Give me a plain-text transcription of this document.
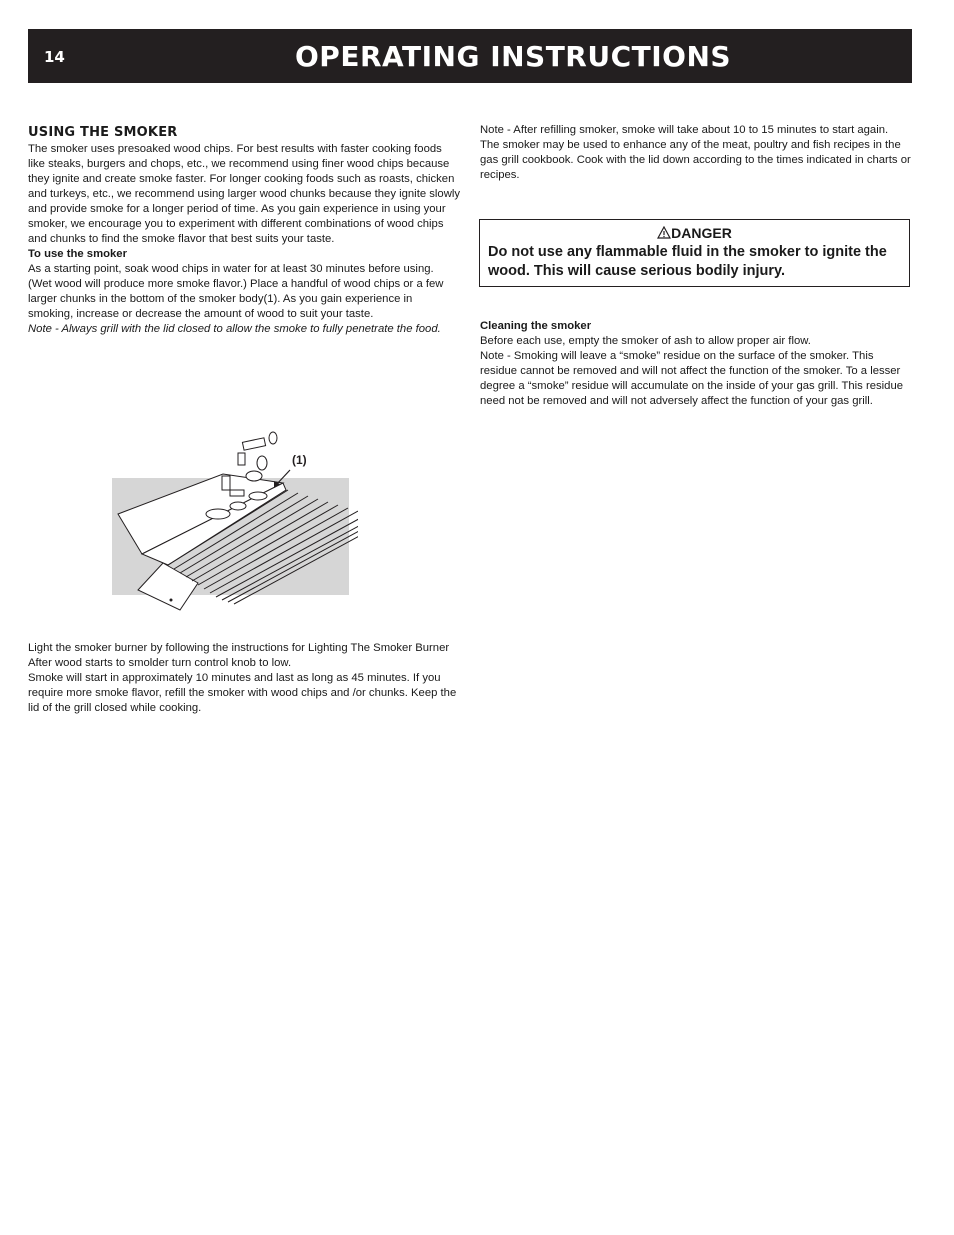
14	OPERATING INSTRUCTIONS
USING THE SMOKER

The smoker uses presoaked wood chips. For best results with faster cooking foods like steaks, burgers and chops, etc., we recommend using finer wood chips because they ignite and create smoke faster. For longer cooking foods such as roasts, chicken and turkeys, etc., we recommend using larger wood chunks because they ignite slowly and provide smoke for a longer period of time. As you gain experience in using your smoker, we encourage you to experiment with different combinations of wood chips and chunks to find the smoke flavor that best suits your taste.

To use the smoker

As a starting point, soak wood chips in water for at least 30 minutes before using. (Wet wood will produce more smoke flavor.) Place a handful of wood chips or a few larger chunks in the bottom of the smoker body(1). As you gain experience in smoking, increase or decrease the amount of wood to suit your taste.

Note - Always grill with the lid closed to allow the smoke to fully penetrate the food.

(1)

Light the smoker burner by following the instructions for Lighting The Smoker Burner After wood starts to smolder turn control knob to low.

Smoke will start in approximately 10 minutes and last as long as 45 minutes. If you require more smoke flavor, refill the smoker with wood chips and /or chunks. Keep the lid of the grill closed while cooking.

Note - After refilling smoker, smoke will take about 10 to 15 minutes to start again.

The smoker may be used to enhance any of the meat, poultry and fish recipes in the gas grill cookbook. Cook with the lid down according to the times indicated in charts or recipes.

DANGER
Do not use any flammable fluid in the smoker to ignite the wood. This will cause serious bodily injury.
Cleaning the smoker

Before each use, empty the smoker of ash to allow proper air flow.

Note - Smoking will leave a “smoke” residue on the surface of the smoker. This residue cannot be removed and will not affect the function of the smoker. To a lesser degree a “smoke” residue will accumulate on the inside of your gas grill. This residue need not be removed and will not adversely affect the function of your gas grill.
